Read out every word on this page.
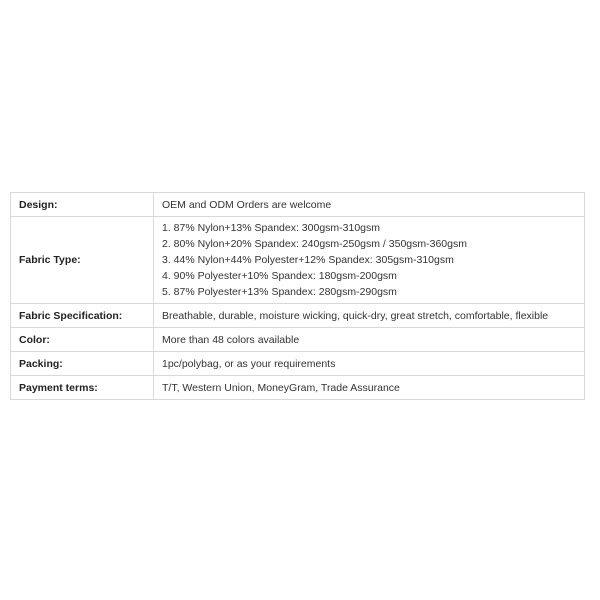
Design:	OEM and ODM Orders are welcome

Fabric Type:	1. 87% Nylon+13% Spandex: 300gsm-310gsm
2. 80% Nylon+20% Spandex: 240gsm-250gsm / 350gsm-360gsm
3. 44% Nylon+44% Polyester+12% Spandex: 305gsm-310gsm
4. 90% Polyester+10% Spandex: 180gsm-200gsm
5. 87% Polyester+13% Spandex: 280gsm-290gsm

Fabric Specification:	Breathable, durable, moisture wicking, quick-dry, great stretch, comfortable, flexible

Color:	More than 48 colors available

Packing:	1pc/polybag, or as your requirements

Payment terms:	T/T, Western Union, MoneyGram, Trade Assurance
